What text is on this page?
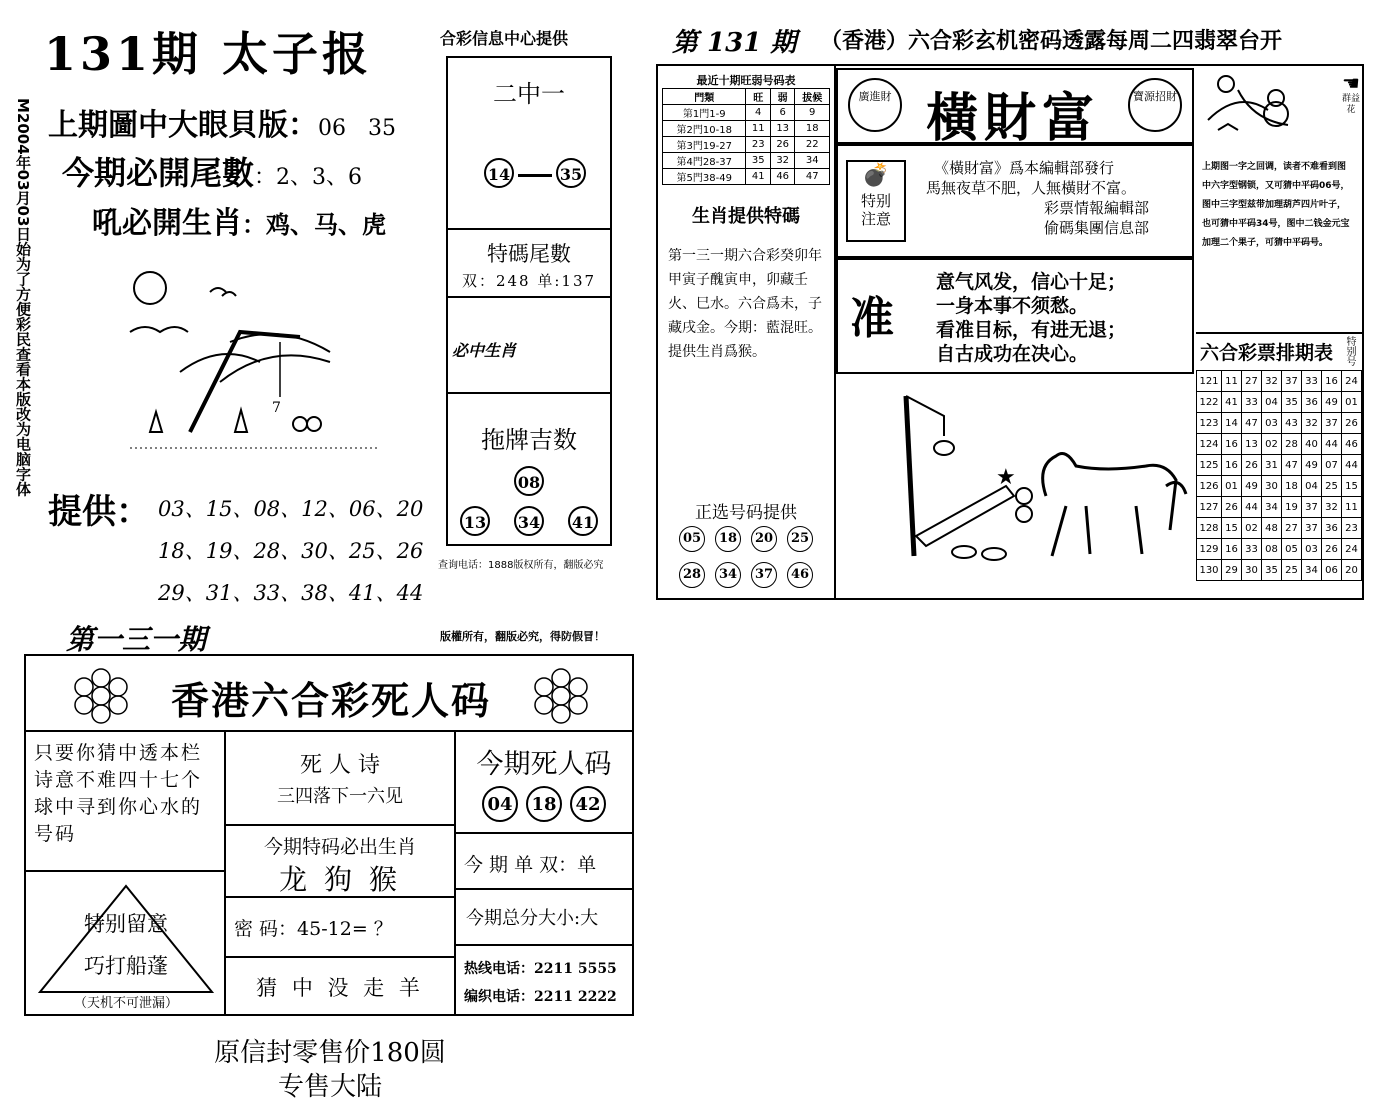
131期 太子报
M2004年03月03日始为了方便彩民查看本版改为电脑字体 上期圖中大眼貝版：06　35
今期必開尾數：2、3、6
吼必開生肖：鸡、马、虎
7
提供： 03、15、08、12、06、20
18、19、28、30、25、26
29、31、33、38、41、44
合彩信息中心提供
二中一
14	35
特碼尾數
双：248 单:137
必中生肖
拖牌吉数
08
13 34 41
查询电话：1888版权所有，翻版必究
第 131 期 （香港）六合彩玄机密码透露每周二四翡翠台开
最近十期旺弱号码表
門類	旺	弱	拔候
第1門1-9	4	6	9
第2門10-18	11	13	18
第3門19-27	23	26	22
第4門28-37	35	32	34
第5門38-49	41	46	47
生肖提供特碼
第一三一期六合彩癸卯年甲寅子醜寅申，卯藏壬火、巳水。六合爲未，子藏戌金。今期：藍混旺。提供生肖爲猴。
正选号码提供
05 18 20 25
28 34 37 46
廣進財 橫財富	寶源招財
☚
群益花
💣
特别注意
《橫財富》爲本編輯部發行
馬無夜草不肥，人無橫財不富。
彩票情報編輯部
偷碼集團信息部
上期图一字之回调，读者不难看到图中六字型钢锁，又可猜中平码06号，图中三字型兹带加理葫芦四片叶子，也可猜中平码34号，图中二钱金元宝加理二个果子，可猜中平码号。
准
意气风发，信心十足；
一身本事不须愁。
看准目标，有进无退；
自古成功在决心。
★
六合彩票排期表 特别号
121	11	27	32	37	33	16	24
122	41	33	04	35	36	49	01
123	14	47	03	43	32	37	26
124	16	13	02	28	40	44	46
125	16	26	31	47	49	07	44
126	01	49	30	18	04	25	15
127	26	44	34	19	37	32	11
128	15	02	48	27	37	36	23
129	16	33	08	05	03	26	24
130	29	30	35	25	34	06	20
第一三一期	版權所有，翻版必究，得防假冒！
香港六合彩死人码
只要你猜中透本栏诗意不难四十七个球中寻到你心水的号码
特别留意
巧打船蓬
（天机不可泄漏）
死 人 诗
三四落下一六见
今期特码必出生肖
龙 狗 猴
密 码：45-12= ？
猜 中 没 走 羊
今期死人码
04 18 42
今 期 单 双：单
今期总分大小:大
热线电话：2211 5555
编织电话：2211 2222
原信封零售价180圆
专售大陆
